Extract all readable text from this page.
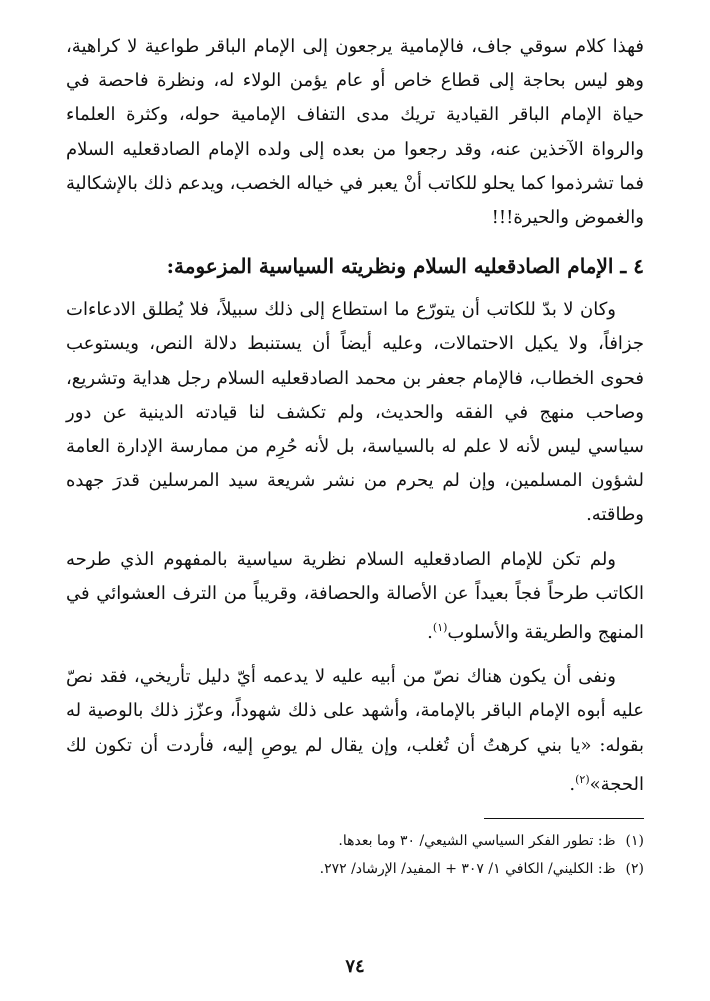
فهذا كلام سوقي جاف، فالإمامية يرجعون إلى الإمام الباقر طواعية لا كراهية، وهو ليس بحاجة إلى قطاع خاص أو عام يؤمن الولاء له، ونظرة فاحصة في حياة الإمام الباقر القيادية تريك مدى التفاف الإمامية حوله، وكثرة العلماء والرواة الآخذين عنه، وقد رجعوا من بعده إلى ولده الإمام الصادقعليه السلام فما تشرذموا كما يحلو للكاتب أنْ يعبر في خياله الخصب، ويدعم ذلك بالإشكالية والغموض والحيرة!!!

٤ ـ الإمام الصادقعليه السلام ونظريته السياسية المزعومة:

وكان لا بدّ للكاتب أن يتورّع ما استطاع إلى ذلك سبيلاً، فلا يُطلق الادعاءات جزافاً، ولا يكيل الاحتمالات، وعليه أيضاً أن يستنبط دلالة النص، ويستوعب فحوى الخطاب، فالإمام جعفر بن محمد الصادقعليه السلام رجل هداية وتشريع، وصاحب منهج في الفقه والحديث، ولم تكشف لنا قيادته الدينية عن دور سياسي ليس لأنه لا علم له بالسياسة، بل لأنه حُرِم من ممارسة الإدارة العامة لشؤون المسلمين، وإن لم يحرم من نشر شريعة سيد المرسلين قدرَ جهده وطاقته.

ولم تكن للإمام الصادقعليه السلام نظرية سياسية بالمفهوم الذي طرحه الكاتب طرحاً فجاً بعيداً عن الأصالة والحصافة، وقريباً من الترف العشوائي في المنهج والطريقة والأسلوب$^{(١)}$.

ونفى أن يكون هناك نصّ من أبيه عليه لا يدعمه أيّ دليل تأريخي، فقد نصّ عليه أبوه الإمام الباقر بالإمامة، وأشهد على ذلك شهوداً، وعزّز ذلك بالوصية له بقوله: «يا بني كرهتُ أن تُغلب، وإن يقال لم يوصِ إليه، فأردت أن تكون لك الحجة»$^{(٢)}$.

(١)ظ: تطور الفكر السياسي الشيعي/ ٣٠ وما بعدها.

(٢)ظ: الكليني/ الكافي ١/ ٣٠٧ + المفيد/ الإرشاد/ ٢٧٢.

٧٤
